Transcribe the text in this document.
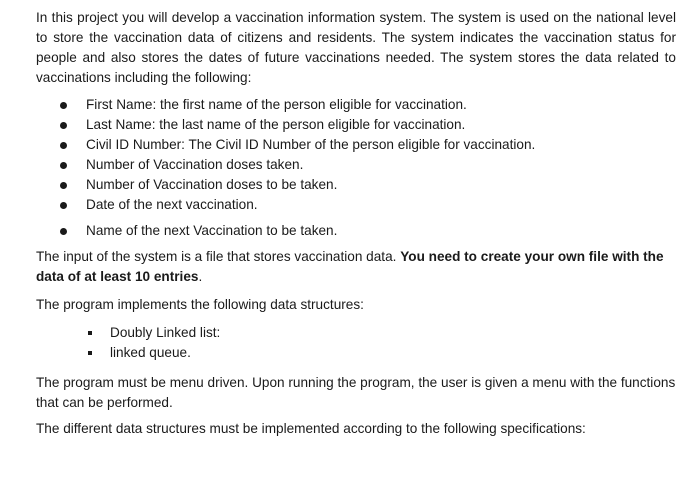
In this project you will develop a vaccination information system. The system is used on the national level to store the vaccination data of citizens and residents. The system indicates the vaccination status for people and also stores the dates of future vaccinations needed. The system stores the data related to vaccinations including the following:

First Name: the first name of the person eligible for vaccination.
Last Name: the last name of the person eligible for vaccination.
Civil ID Number: The Civil ID Number of the person eligible for vaccination.
Number of Vaccination doses taken.
Number of Vaccination doses to be taken.
Date of the next vaccination.
Name of the next Vaccination to be taken.

The input of the system is a file that stores vaccination data. You need to create your own file with the data of at least 10 entries.

The program implements the following data structures:

Doubly Linked list:
linked queue.

The program must be menu driven. Upon running the program, the user is given a menu with the functions that can be performed.

The different data structures must be implemented according to the following specifications:
